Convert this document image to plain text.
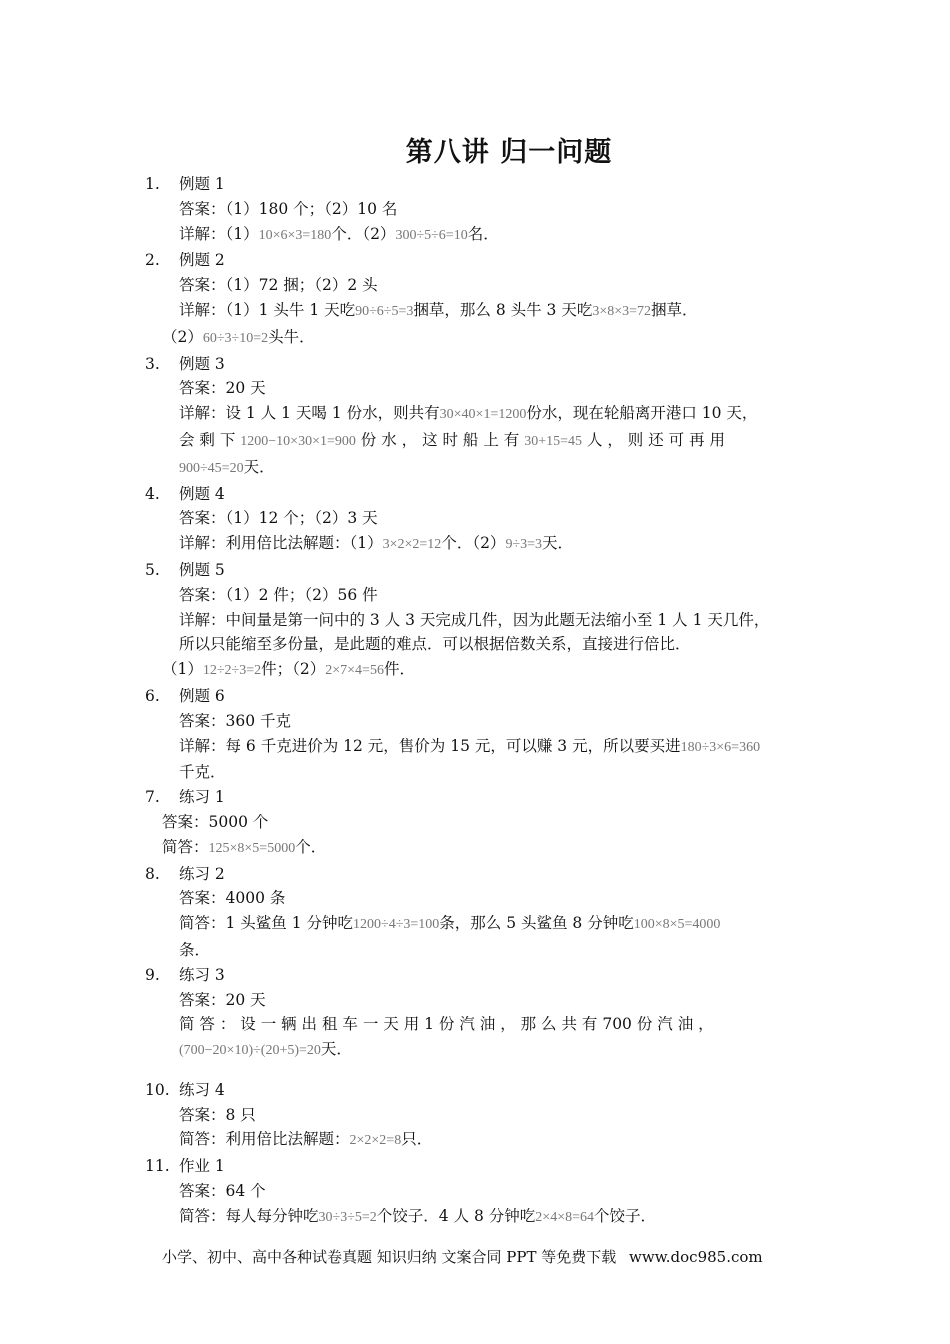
第八讲 归一问题
1. 例题 1
答案：（1）180 个；（2）10 名
详解：（1）10×6×3=180个．（2）300÷5÷6=10名．
2. 例题 2
答案：（1）72 捆；（2）2 头
详解：（1）1 头牛 1 天吃90÷6÷5=3捆草，那么 8 头牛 3 天吃3×8×3=72捆草．
（2）60÷3÷10=2头牛．
3. 例题 3
答案：20 天
详解：设 1 人 1 天喝 1 份水，则共有30×40×1=1200份水，现在轮船离开港口 10 天，
会 剩 下 1200−10×30×1=900 份 水 ， 这 时 船 上 有 30+15=45 人 ， 则 还 可 再 用
900÷45=20天．
4. 例题 4
答案：（1）12 个；（2）3 天
详解：利用倍比法解题：（1）3×2×2=12个．（2）9÷3=3天．
5. 例题 5
答案：（1）2 件；（2）56 件
详解：中间量是第一问中的 3 人 3 天完成几件，因为此题无法缩小至 1 人 1 天几件，
所以只能缩至多份量，是此题的难点．可以根据倍数关系，直接进行倍比．
（1）12÷2÷3=2件；（2）2×7×4=56件．
6. 例题 6
答案：360 千克
详解：每 6 千克进价为 12 元，售价为 15 元，可以赚 3 元，所以要买进180÷3×6=360
千克．
7. 练习 1
答案：5000 个
简答：125×8×5=5000个．
8. 练习 2
答案：4000 条
简答：1 头鲨鱼 1 分钟吃1200÷4÷3=100条，那么 5 头鲨鱼 8 分钟吃100×8×5=4000
条．
9. 练习 3
答案：20 天
简 答 ： 设 一 辆 出 租 车 一 天 用 1 份 汽 油 ， 那 么 共 有 700 份 汽 油 ，
(700−20×10)÷(20+5)=20天．
10. 练习 4
答案：8 只
简答：利用倍比法解题：2×2×2=8只．
11. 作业 1
答案：64 个
简答：每人每分钟吃30÷3÷5=2个饺子．4 人 8 分钟吃2×4×8=64个饺子．
小学、初中、高中各种试卷真题 知识归纳 文案合同 PPT 等免费下载 www.doc985.com
